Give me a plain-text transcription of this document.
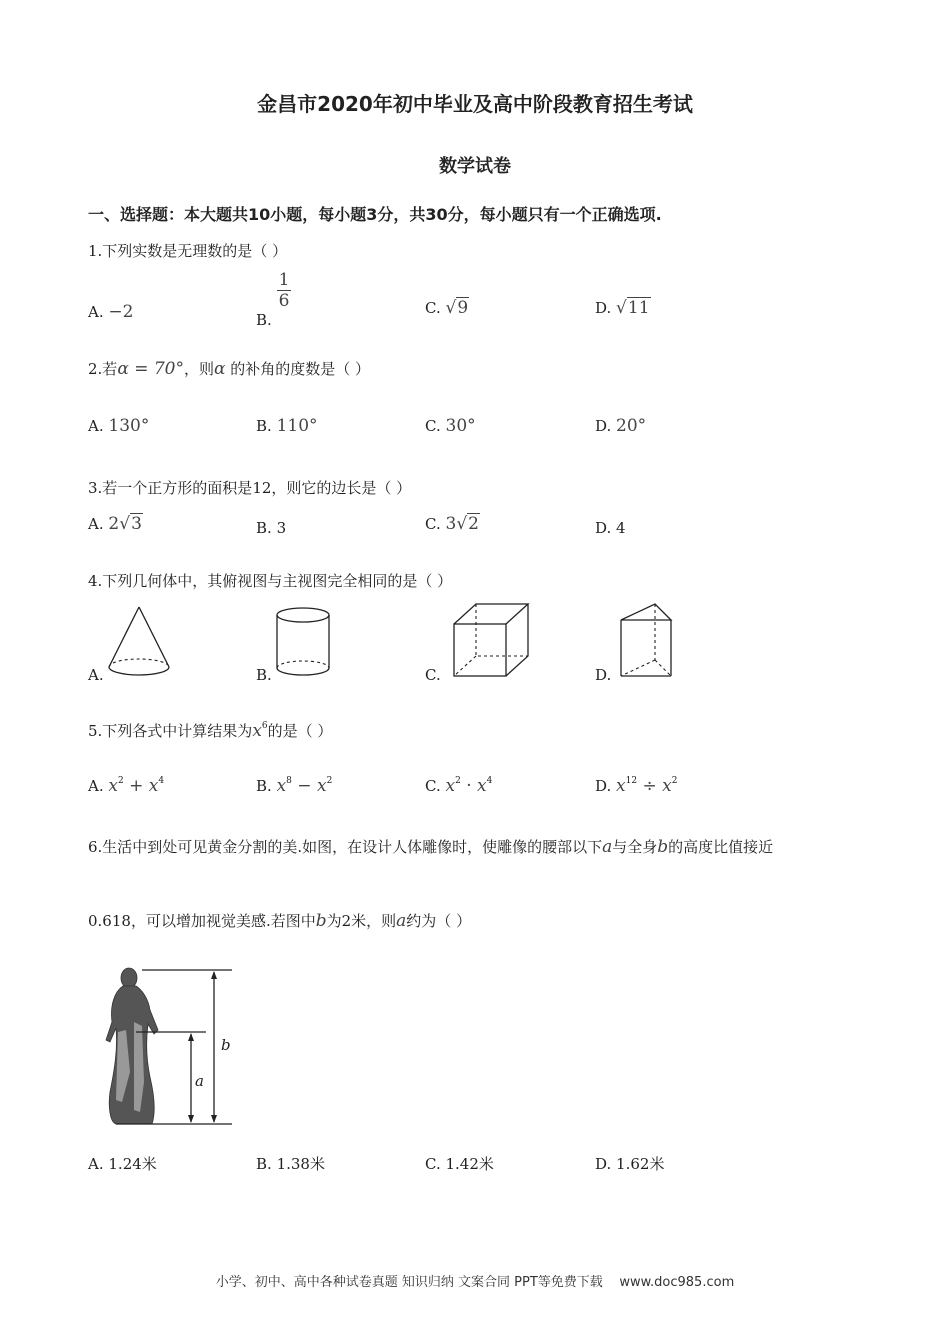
金昌市2020年初中毕业及高中阶段教育招生考试
数学试卷
一、选择题：本大题共10小题，每小题3分，共30分，每小题只有一个正确选项.
1.下列实数是无理数的是（ ）
A. −2	B.
$\frac{1}{6}$	C. √9	D. √11
2.若α = 70°，则α 的补角的度数是（ ）
A. 130°	B. 110°	C. 30°	D. 20°
3.若一个正方形的面积是12，则它的边长是（ ）
A. 2√3	B. 3	C. 3√2	D. 4
4.下列几何体中，其俯视图与主视图完全相同的是（ ）
A.	B.	C.	D.
5.下列各式中计算结果为$x^6$的是（ ）
A. $x^2 + x^4$	B. $x^8 - x^2$	C. $x^2 \cdot x^4$	D. $x^{12} \div x^2$
6.生活中到处可见黄金分割的美.如图，在设计人体雕像时，使雕像的腰部以下a与全身b的高度比值接近
0.618，可以增加视觉美感.若图中b为2米，则a约为（ ）
b
a
A. 1.24米	B. 1.38米	C. 1.42米	D. 1.62米
小学、初中、高中各种试卷真题 知识归纳 文案合同 PPT等免费下载 www.doc985.com
